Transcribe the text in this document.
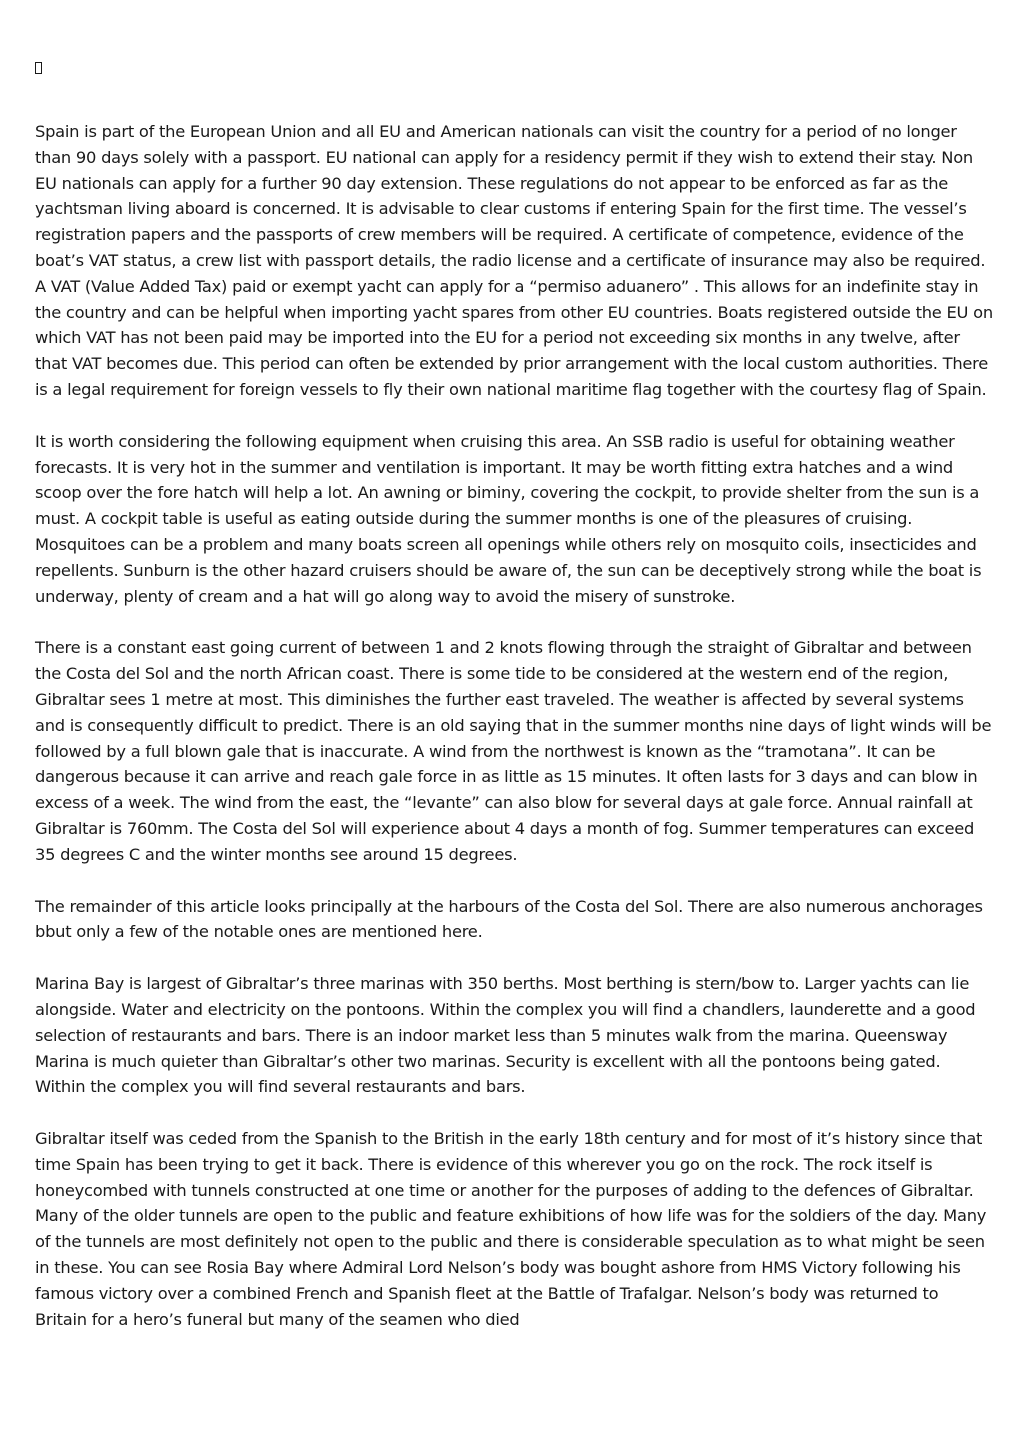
Spain is part of the European Union and all EU and American nationals can visit the country for a period of no longer than 90 days solely with a passport. EU national can apply for a residency permit if they wish to extend their stay. Non EU nationals can apply for a further 90 day extension. These regulations do not appear to be enforced as far as the yachtsman living aboard is concerned. It is advisable to clear customs if entering Spain for the first time. The vessel’s registration papers and the passports of crew members will be required. A certificate of competence, evidence of the boat’s VAT status, a crew list with passport details, the radio license and a certificate of insurance may also be required. A VAT (Value Added Tax) paid or exempt yacht can apply for a “permiso aduanero” . This allows for an indefinite stay in the country and can be helpful when importing yacht spares from other EU countries. Boats registered outside the EU on which VAT has not been paid may be imported into the EU for a period not exceeding six months in any twelve, after that VAT becomes due. This period can often be extended by prior arrangement with the local custom authorities. There is a legal requirement for foreign vessels to fly their own national maritime flag together with the courtesy flag of Spain.

It is worth considering the following equipment when cruising this area. An SSB radio is useful for obtaining weather forecasts. It is very hot in the summer and ventilation is important. It may be worth fitting extra hatches and a wind scoop over the fore hatch will help a lot. An awning or biminy, covering the cockpit, to provide shelter from the sun is a must. A cockpit table is useful as eating outside during the summer months is one of the pleasures of cruising. Mosquitoes can be a problem and many boats screen all openings while others rely on mosquito coils, insecticides and repellents. Sunburn is the other hazard cruisers should be aware of, the sun can be deceptively strong while the boat is underway, plenty of cream and a hat will go along way to avoid the misery of sunstroke.

There is a constant east going current of between 1 and 2 knots flowing through the straight of Gibraltar and between the Costa del Sol and the north African coast. There is some tide to be considered at the western end of the region, Gibraltar sees 1 metre at most. This diminishes the further east traveled. The weather is affected by several systems and is consequently difficult to predict. There is an old saying that in the summer months nine days of light winds will be followed by a full blown gale that is inaccurate. A wind from the northwest is known as the “tramotana”. It can be dangerous because it can arrive and reach gale force in as little as 15 minutes. It often lasts for 3 days and can blow in excess of a week. The wind from the east, the “levante” can also blow for several days at gale force. Annual rainfall at Gibraltar is 760mm. The Costa del Sol will experience about 4 days a month of fog. Summer temperatures can exceed 35 degrees C and the winter months see around 15 degrees.

The remainder of this article looks principally at the harbours of the Costa del Sol. There are also numerous anchorages bbut only a few of the notable ones are mentioned here.

Marina Bay is largest of Gibraltar’s three marinas with 350 berths. Most berthing is stern/bow to. Larger yachts can lie alongside. Water and electricity on the pontoons. Within the complex you will find a chandlers, launderette and a good selection of restaurants and bars. There is an indoor market less than 5 minutes walk from the marina. Queensway Marina is much quieter than Gibraltar’s other two marinas. Security is excellent with all the pontoons being gated. Within the complex you will find several restaurants and bars.

Gibraltar itself was ceded from the Spanish to the British in the early 18th century and for most of it’s history since that time Spain has been trying to get it back. There is evidence of this wherever you go on the rock. The rock itself is honeycombed with tunnels constructed at one time or another for the purposes of adding to the defences of Gibraltar. Many of the older tunnels are open to the public and feature exhibitions of how life was for the soldiers of the day. Many of the tunnels are most definitely not open to the public and there is considerable speculation as to what might be seen in these. You can see Rosia Bay where Admiral Lord Nelson’s body was bought ashore from HMS Victory following his famous victory over a combined French and Spanish fleet at the Battle of Trafalgar. Nelson’s body was returned to Britain for a hero’s funeral but many of the seamen who died
